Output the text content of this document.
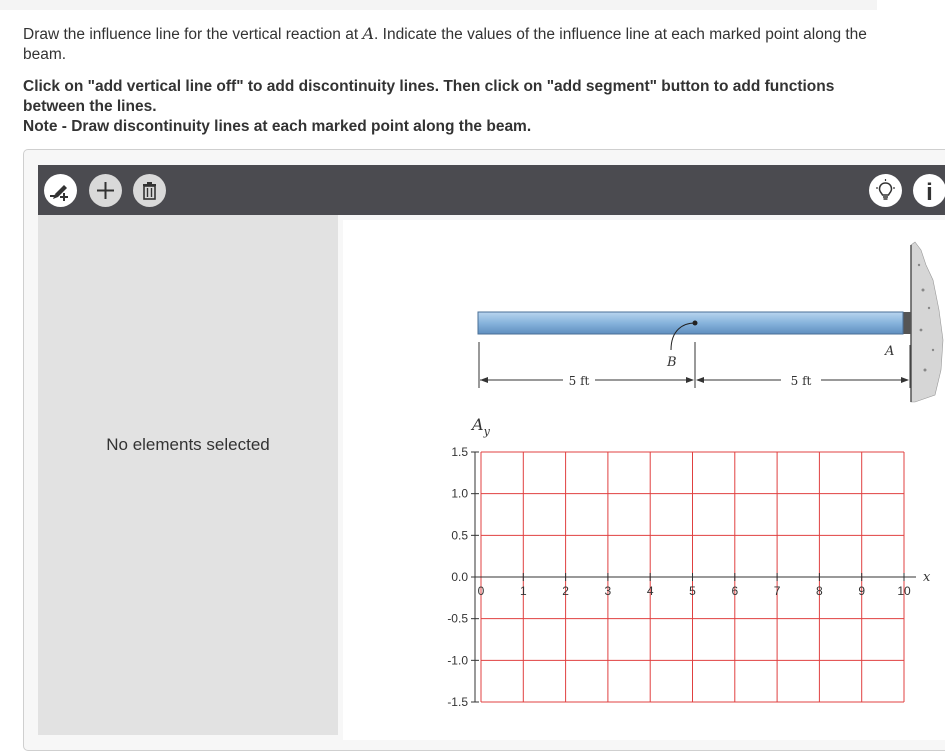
Draw the influence line for the vertical reaction at A. Indicate the values of the influence line at each marked point along the beam.

Click on "add vertical line off" to add discontinuity lines. Then click on "add segment" button to add functions between the lines.

Note - Draw discontinuity lines at each marked point along the beam.

i
No elements selected
B
A
5 ft	5 ft
$A_y$
x
1.5
1.0
0.5
0.0
-0.5
-1.0
-1.5
0	1	2	3	4	5	6	7	8	9	10
